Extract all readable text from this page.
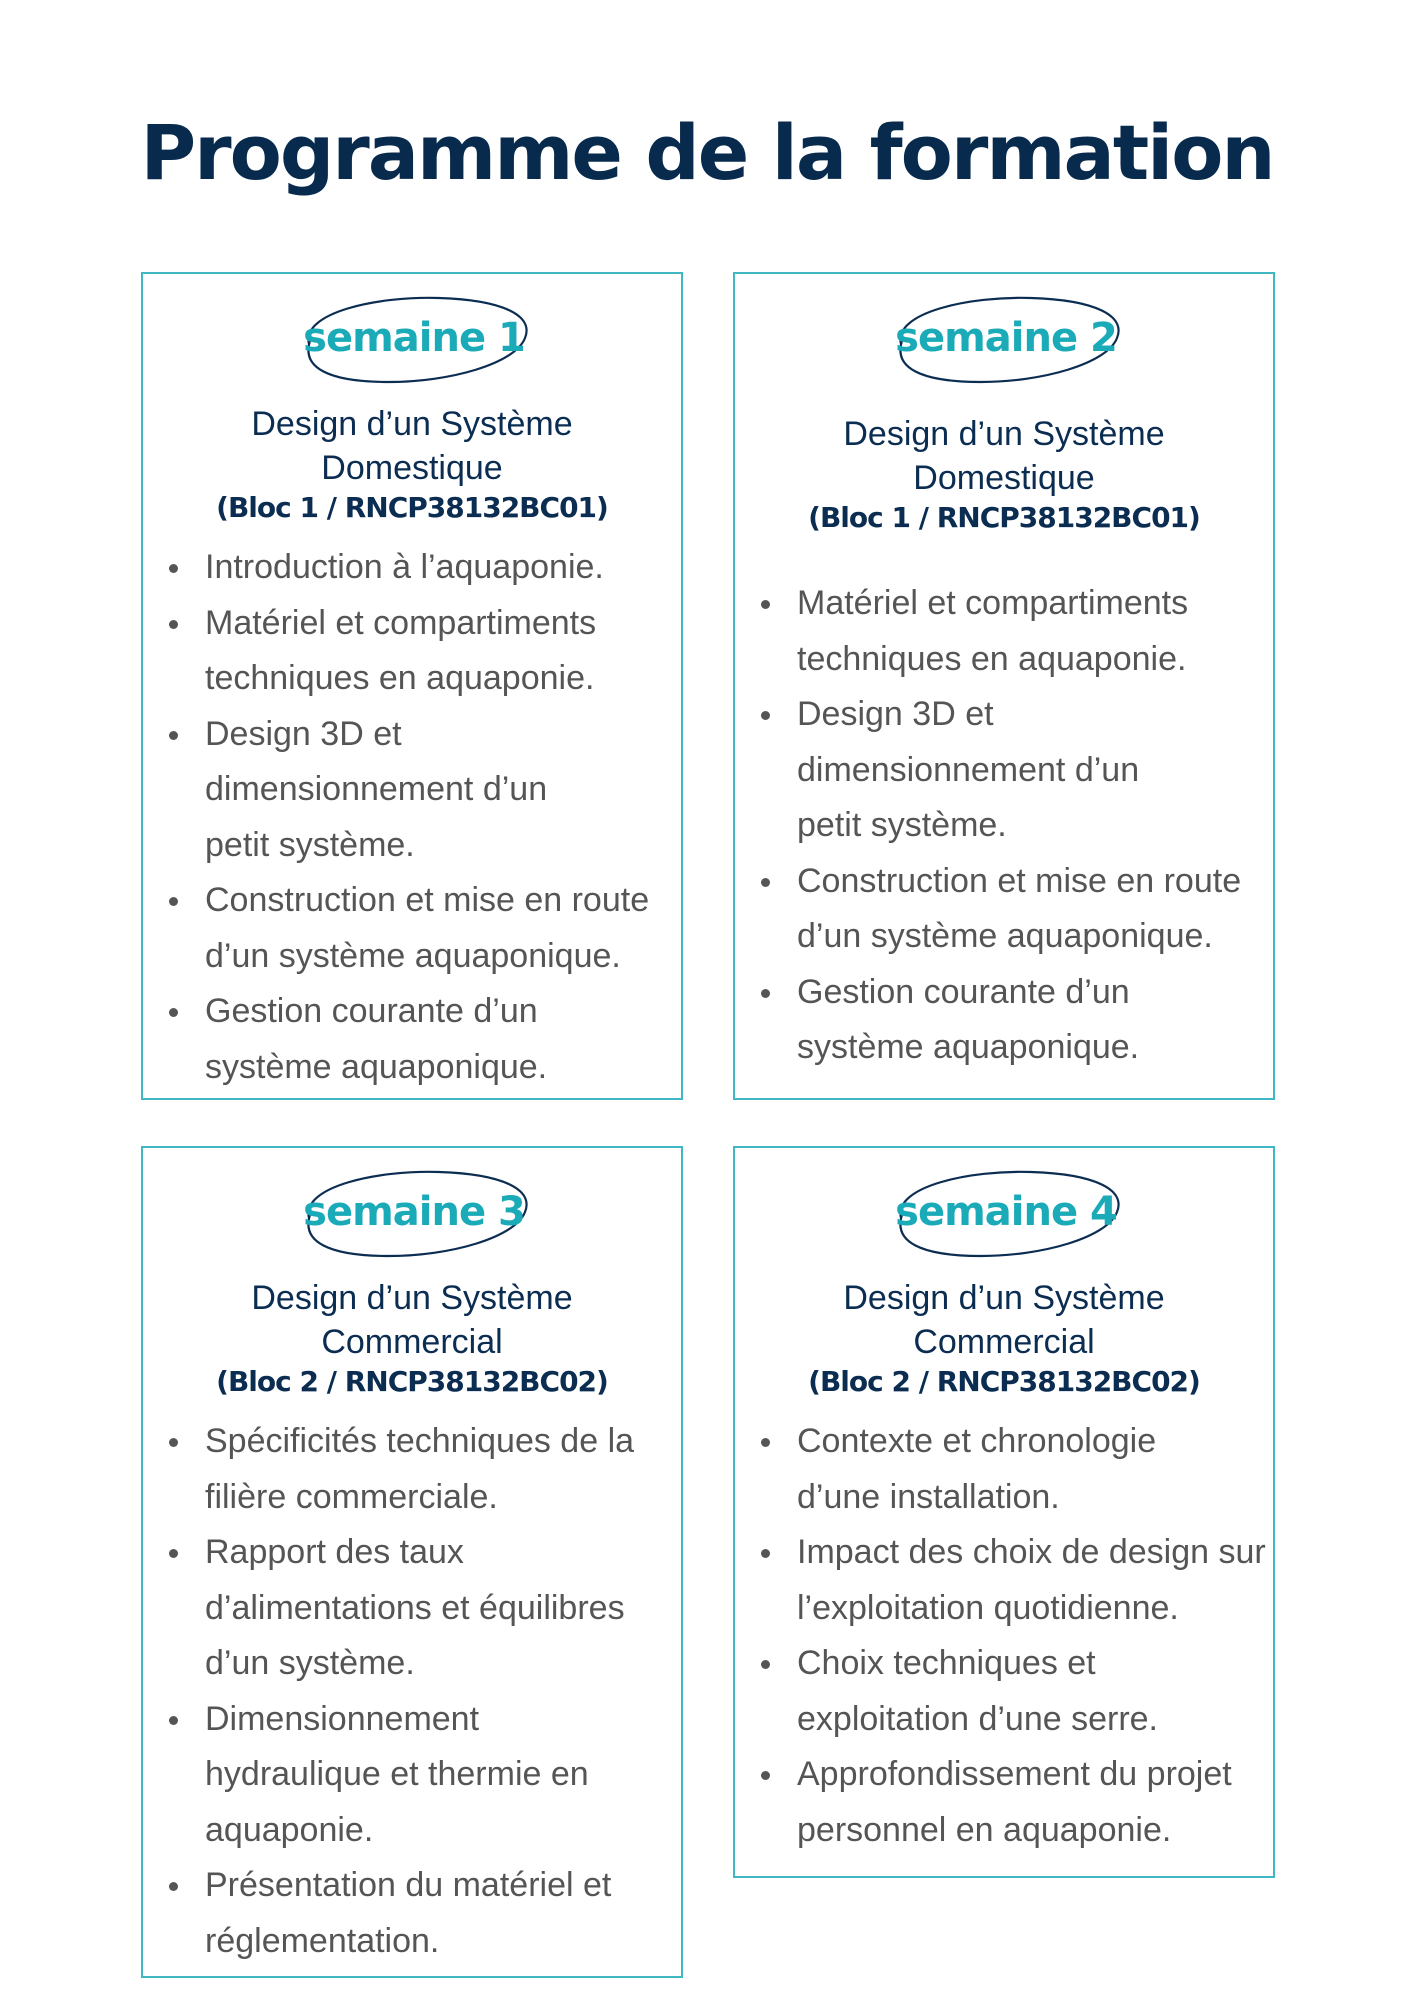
Programme de la formation
semaine 1

Design d’un Système
Domestique
(Bloc 1 / RNCP38132BC01)

Introduction à l’aquaponie.
Matériel et compartiments techniques en aquaponie.
Design 3D et dimensionnement d’un petit système.
Construction et mise en route d’un système aquaponique.
Gestion courante d’un système aquaponique.
semaine 2

Design d’un Système
Domestique
(Bloc 1 / RNCP38132BC01)

Matériel et compartiments techniques en aquaponie.
Design 3D et dimensionnement d’un petit système.
Construction et mise en route d’un système aquaponique.
Gestion courante d’un système aquaponique.
semaine 3

Design d’un Système
Commercial
(Bloc 2 / RNCP38132BC02)

Spécificités techniques de la filière commerciale.
Rapport des taux d’alimentations et équilibres d’un système.
Dimensionnement hydraulique et thermie en aquaponie.
Présentation du matériel et réglementation.
semaine 4

Design d’un Système
Commercial
(Bloc 2 / RNCP38132BC02)

Contexte et chronologie d’une installation.
Impact des choix de design sur l’exploitation quotidienne.
Choix techniques et exploitation d’une serre.
Approfondissement du projet personnel en aquaponie.
